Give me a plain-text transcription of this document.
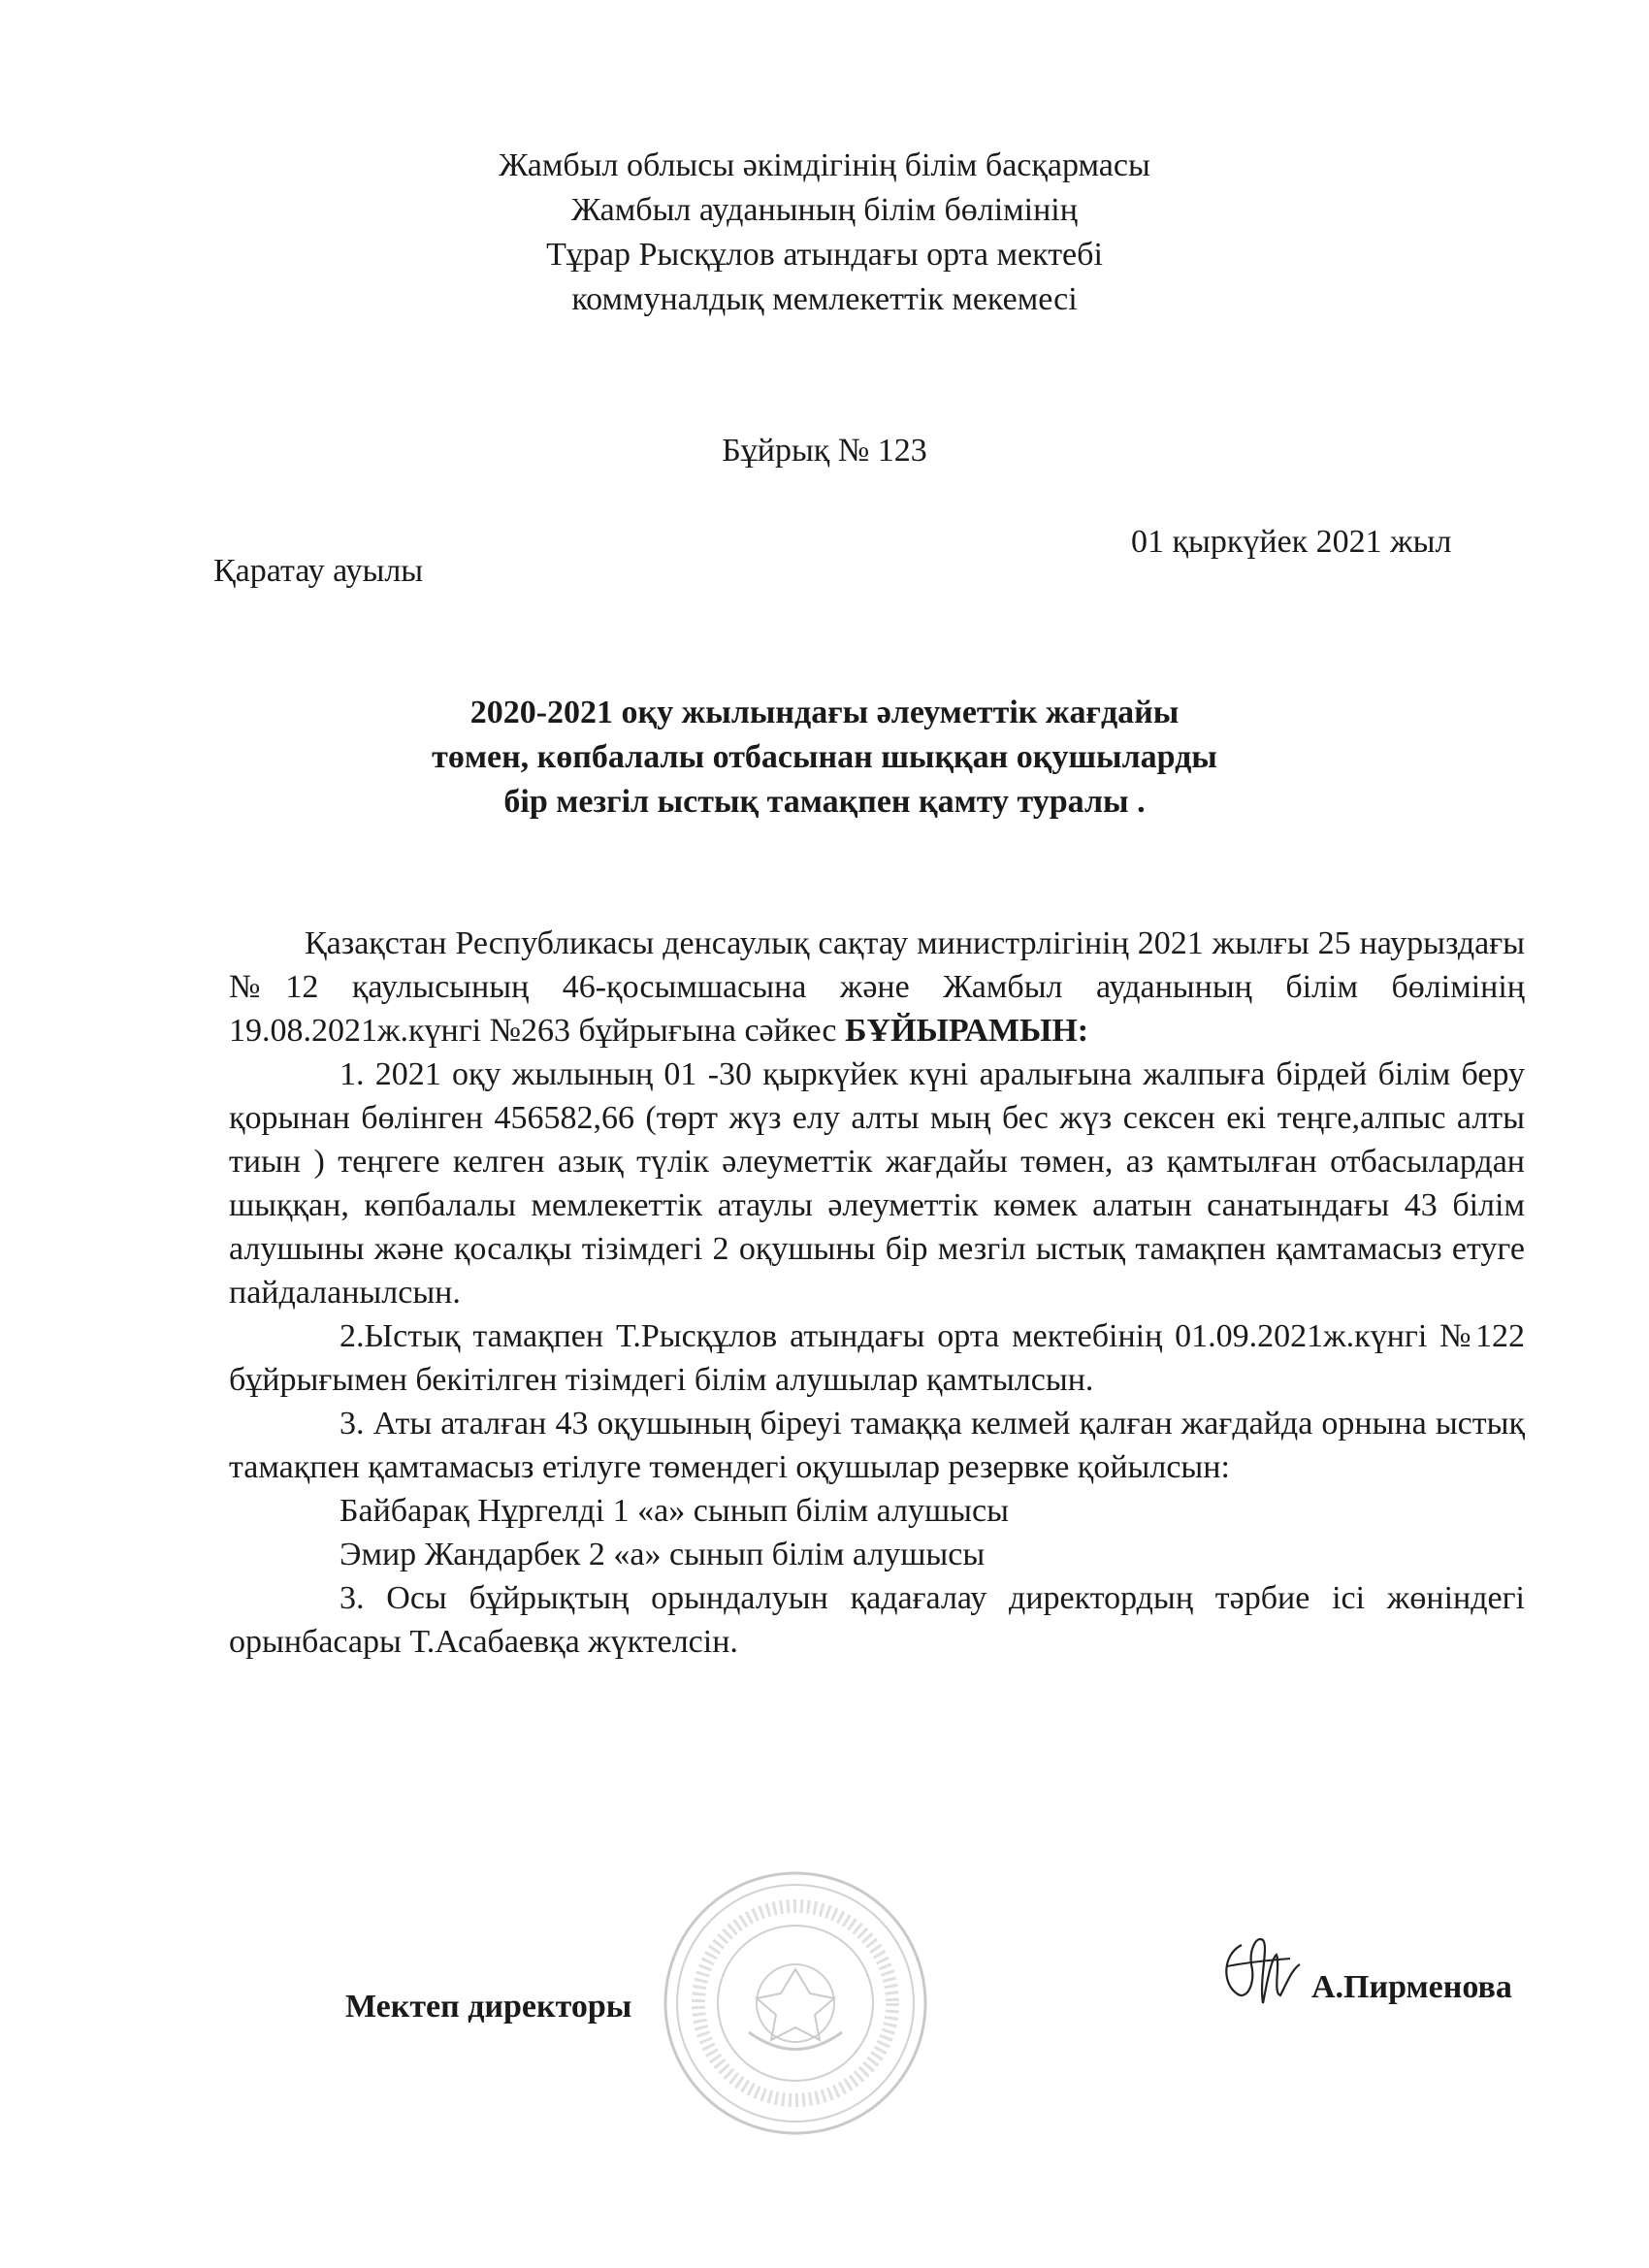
Жамбыл облысы әкімдігінің білім басқармасы
Жамбыл ауданының білім бөлімінің
Тұрар Рысқұлов атындағы орта мектебі
коммуналдық мемлекеттік мекемесі
Бұйрық № 123
01 қыркүйек 2021 жыл
Қаратау ауылы
2020-2021 оқу жылындағы әлеуметтік жағдайы
төмен, көпбалалы отбасынан шыққан оқушыларды
бір мезгіл ыстық тамақпен қамту туралы .

Қазақстан Республикасы денсаулық сақтау министрлігінің 2021 жылғы 25 наурыздағы №12 қаулысының 46-қосымшасына және Жамбыл ауданының білім бөлімінің 19.08.2021ж.күнгі №263 бұйрығына сәйкес БҰЙЫРАМЫН:

1. 2021 оқу жылының 01 -30 қыркүйек күні аралығына жалпыға бірдей білім беру қорынан бөлінген 456582,66 (төрт жүз елу алты мың бес жүз сексен екі теңге,алпыс алты тиын ) теңгеге келген азық түлік әлеуметтік жағдайы төмен, аз қамтылған отбасылардан шыққан, көпбалалы мемлекеттік атаулы әлеуметтік көмек алатын санатындағы 43 білім алушыны және қосалқы тізімдегі 2 оқушыны бір мезгіл ыстық тамақпен қамтамасыз етуге пайдаланылсын.

2.Ыстық тамақпен Т.Рысқұлов атындағы орта мектебінің 01.09.2021ж.күнгі №122 бұйрығымен бекітілген тізімдегі білім алушылар қамтылсын.

3. Аты аталған 43 оқушының біреуі тамаққа келмей қалған жағдайда орнына ыстық тамақпен қамтамасыз етілуге төмендегі оқушылар резервке қойылсын:

Байбарақ Нұргелді 1 «а» сынып білім алушысы

Эмир Жандарбек 2 «а» сынып білім алушысы

3. Осы бұйрықтың орындалуын қадағалау директордың тәрбие ісі жөніндегі орынбасары Т.Асабаевқа жүктелсін.

Мектеп директоры
А.Пирменова
